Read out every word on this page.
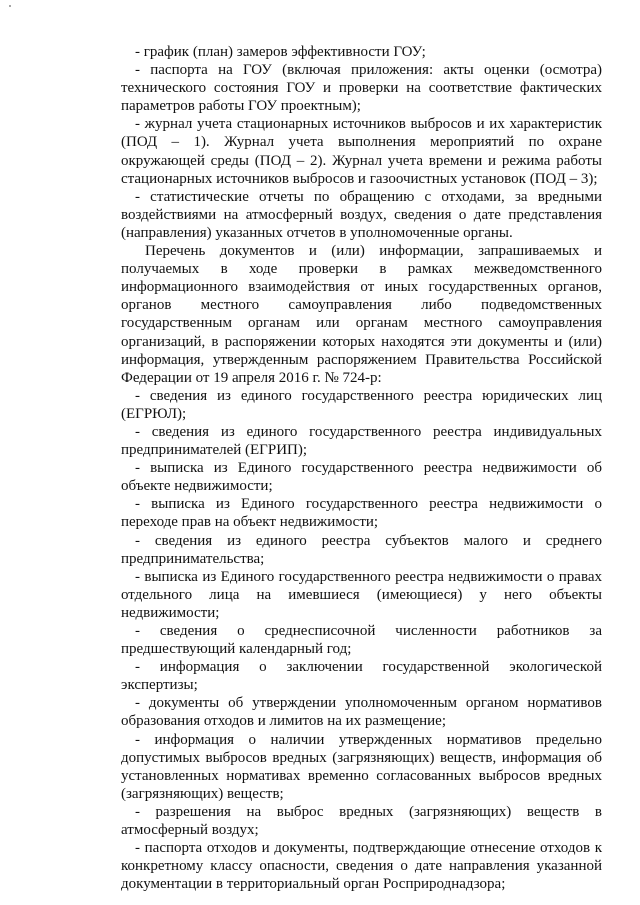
- график (план) замеров эффективности ГОУ;

- паспорта на ГОУ (включая приложения: акты оценки (осмотра) технического состояния ГОУ и проверки на соответствие фактических параметров работы ГОУ проектным);

- журнал учета стационарных источников выбросов и их характеристик (ПОД – 1). Журнал учета выполнения мероприятий по охране окружающей среды (ПОД – 2). Журнал учета времени и режима работы стационарных источников выбросов и газоочистных установок (ПОД – 3);

- статистические отчеты по обращению с отходами, за вредными воздействиями на атмосферный воздух, сведения о дате представления (направления) указанных отчетов в уполномоченные органы.

Перечень документов и (или) информации, запрашиваемых и получаемых в ходе проверки в рамках межведомственного информационного взаимодействия от иных государственных органов, органов местного самоуправления либо подведомственных государственным органам или органам местного самоуправления организаций, в распоряжении которых находятся эти документы и (или) информация, утвержденным распоряжением Правительства Российской Федерации от 19 апреля 2016 г. № 724-р:

- сведения из единого государственного реестра юридических лиц (ЕГРЮЛ);

- сведения из единого государственного реестра индивидуальных предпринимателей (ЕГРИП);

- выписка из Единого государственного реестра недвижимости об объекте недвижимости;

- выписка из Единого государственного реестра недвижимости о переходе прав на объект недвижимости;

- сведения из единого реестра субъектов малого и среднего предпринимательства;

- выписка из Единого государственного реестра недвижимости о правах отдельного лица на имевшиеся (имеющиеся) у него объекты недвижимости;

- сведения о среднесписочной численности работников за предшествующий календарный год;

- информация о заключении государственной экологической экспертизы;

- документы об утверждении уполномоченным органом нормативов образования отходов и лимитов на их размещение;

- информация о наличии утвержденных нормативов предельно допустимых выбросов вредных (загрязняющих) веществ, информация об установленных нормативах временно согласованных выбросов вредных (загрязняющих) веществ;

- разрешения на выброс вредных (загрязняющих) веществ в атмосферный воздух;

- паспорта отходов и документы, подтверждающие отнесение отходов к конкретному классу опасности, сведения о дате направления указанной документации в территориальный орган Росприроднадзора;
